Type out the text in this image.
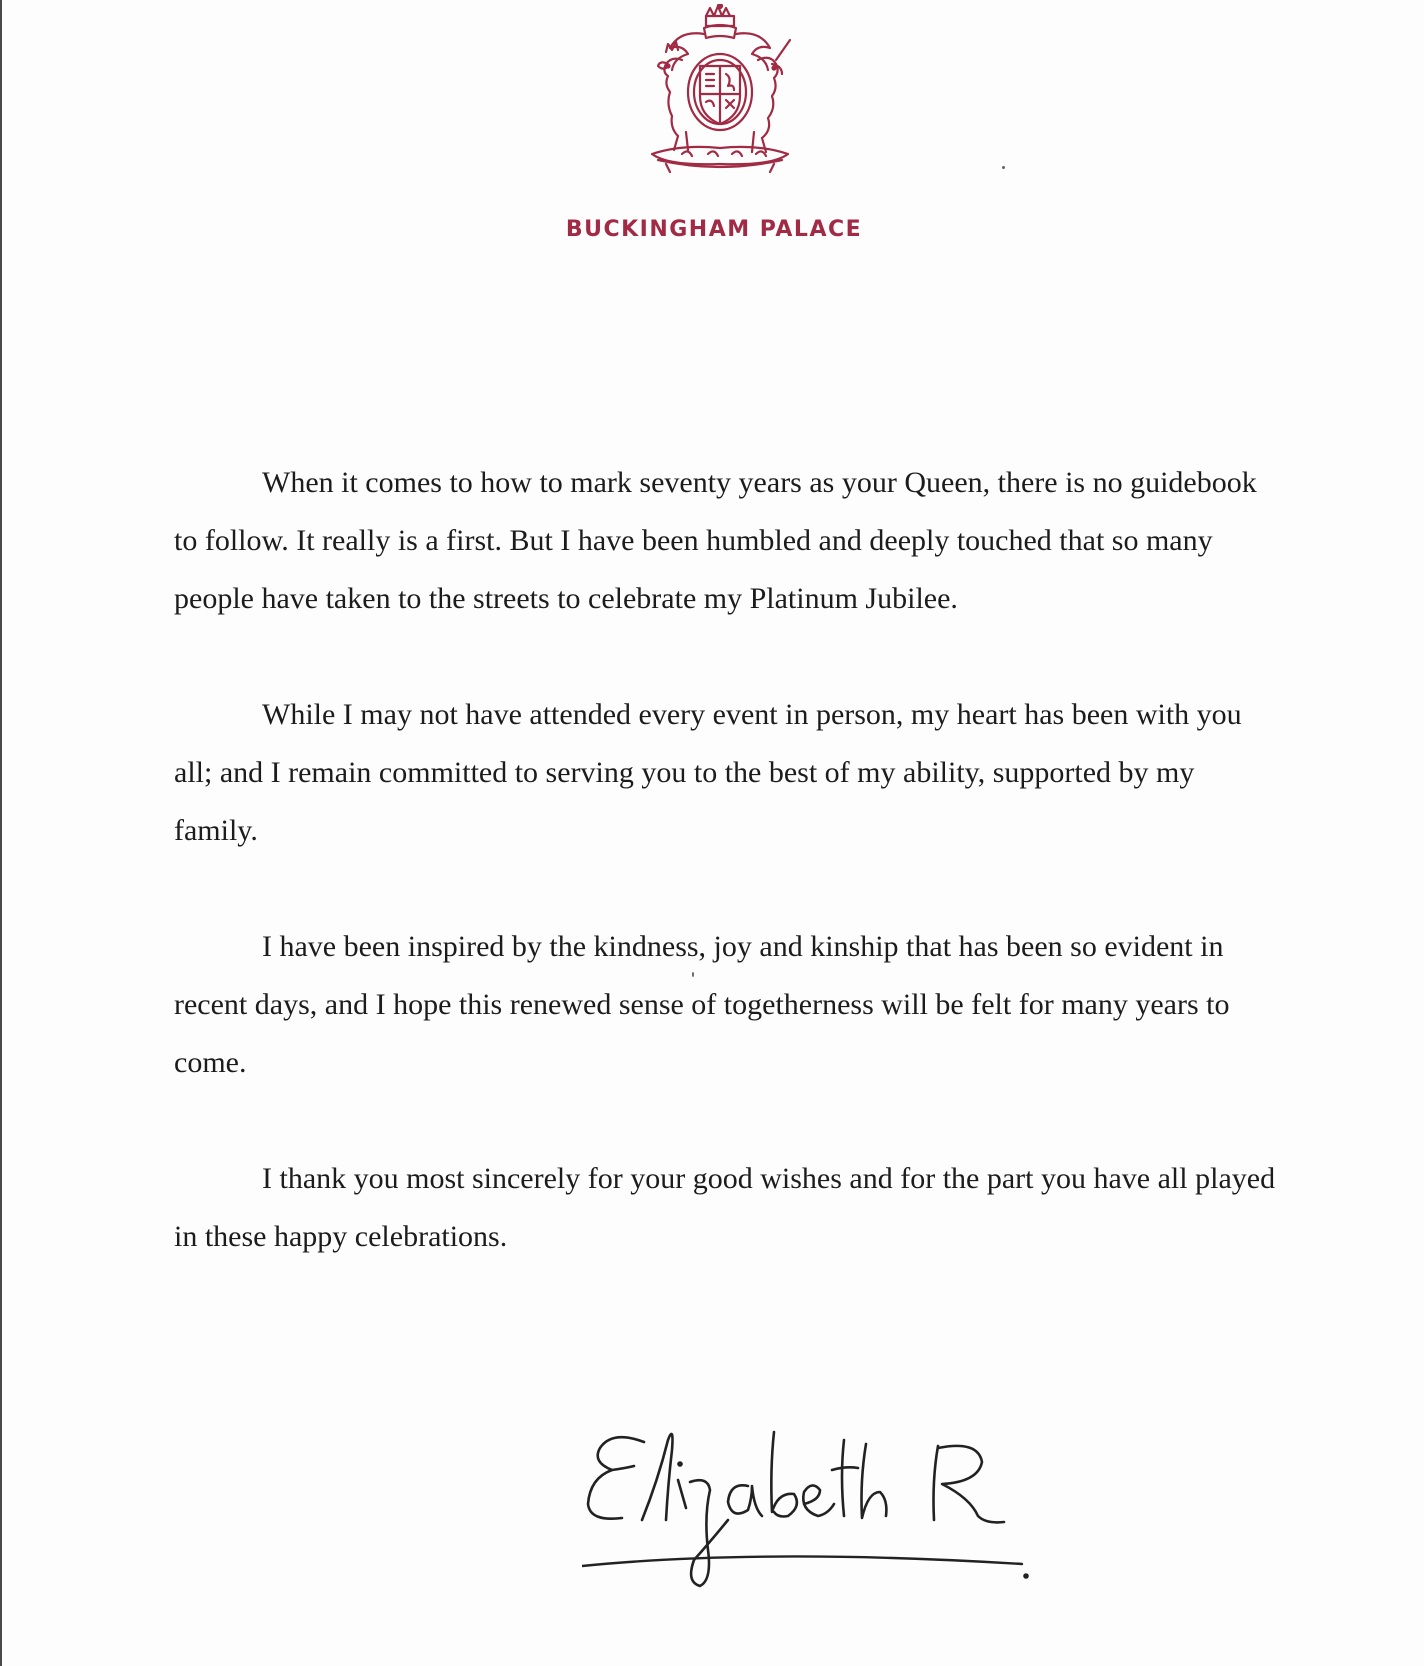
BUCKINGHAM PALACE

When it comes to how to mark seventy years as your Queen, there is no guidebook to follow. It really is a first. But I have been humbled and deeply touched that so many people have taken to the streets to celebrate my Platinum Jubilee.

While I may not have attended every event in person, my heart has been with you all; and I remain committed to serving you to the best of my ability, supported by my family.

I have been inspired by the kindness, joy and kinship that has been so evident in recent days, and I hope this renewed sense of togetherness will be felt for many years to come.

I thank you most sincerely for your good wishes and for the part you have all played in these happy celebrations.
